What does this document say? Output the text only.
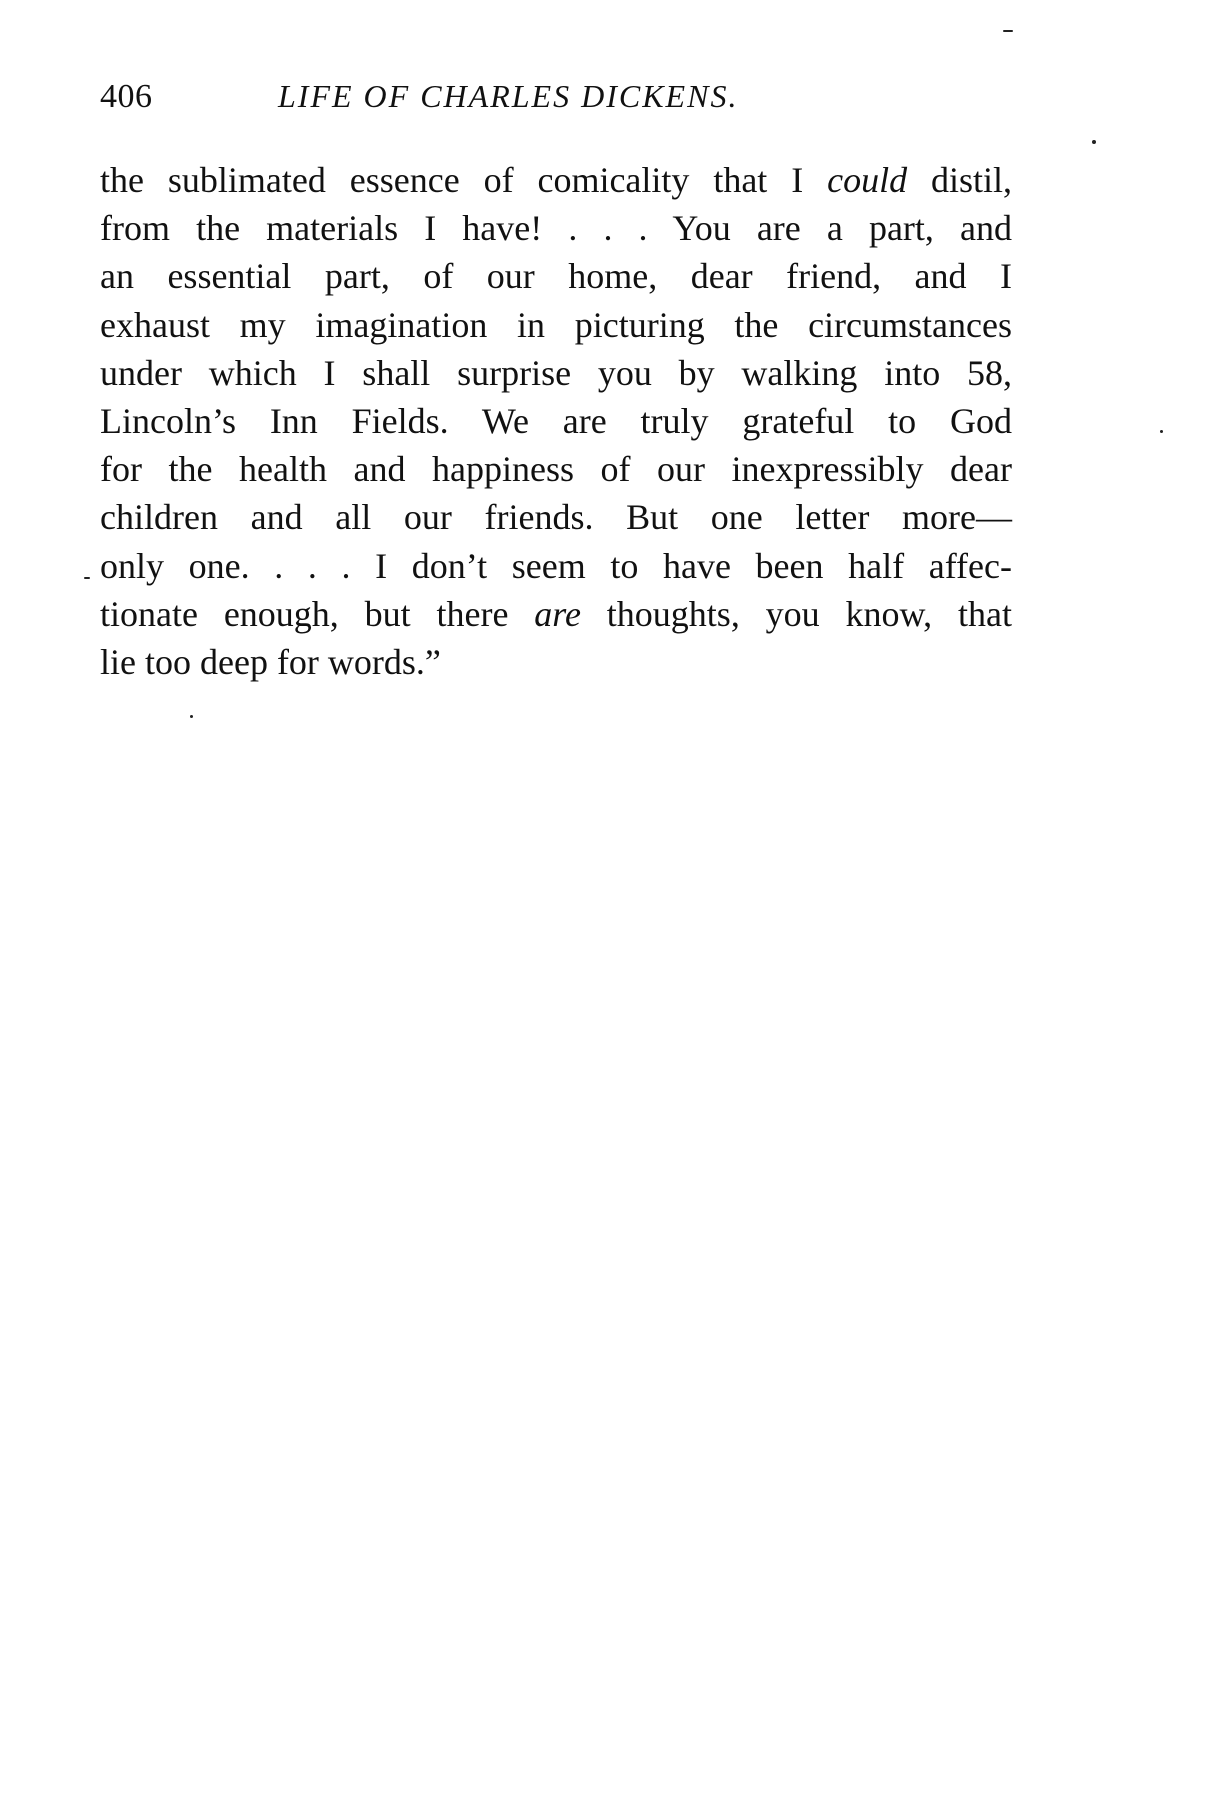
406	LIFE OF CHARLES DICKENS.
the sublimated essence of comicality that I could distil,
from the materials I have! . . . You are a part, and
an essential part, of our home, dear friend, and I
exhaust my imagination in picturing the circumstances
under which I shall surprise you by walking into 58,
Lincoln’s Inn Fields. We are truly grateful to God
for the health and happiness of our inexpressibly dear
children and all our friends. But one letter more—
only one. . . . I don’t seem to have been half affec-
tionate enough, but there are thoughts, you know, that
lie too deep for words.”
